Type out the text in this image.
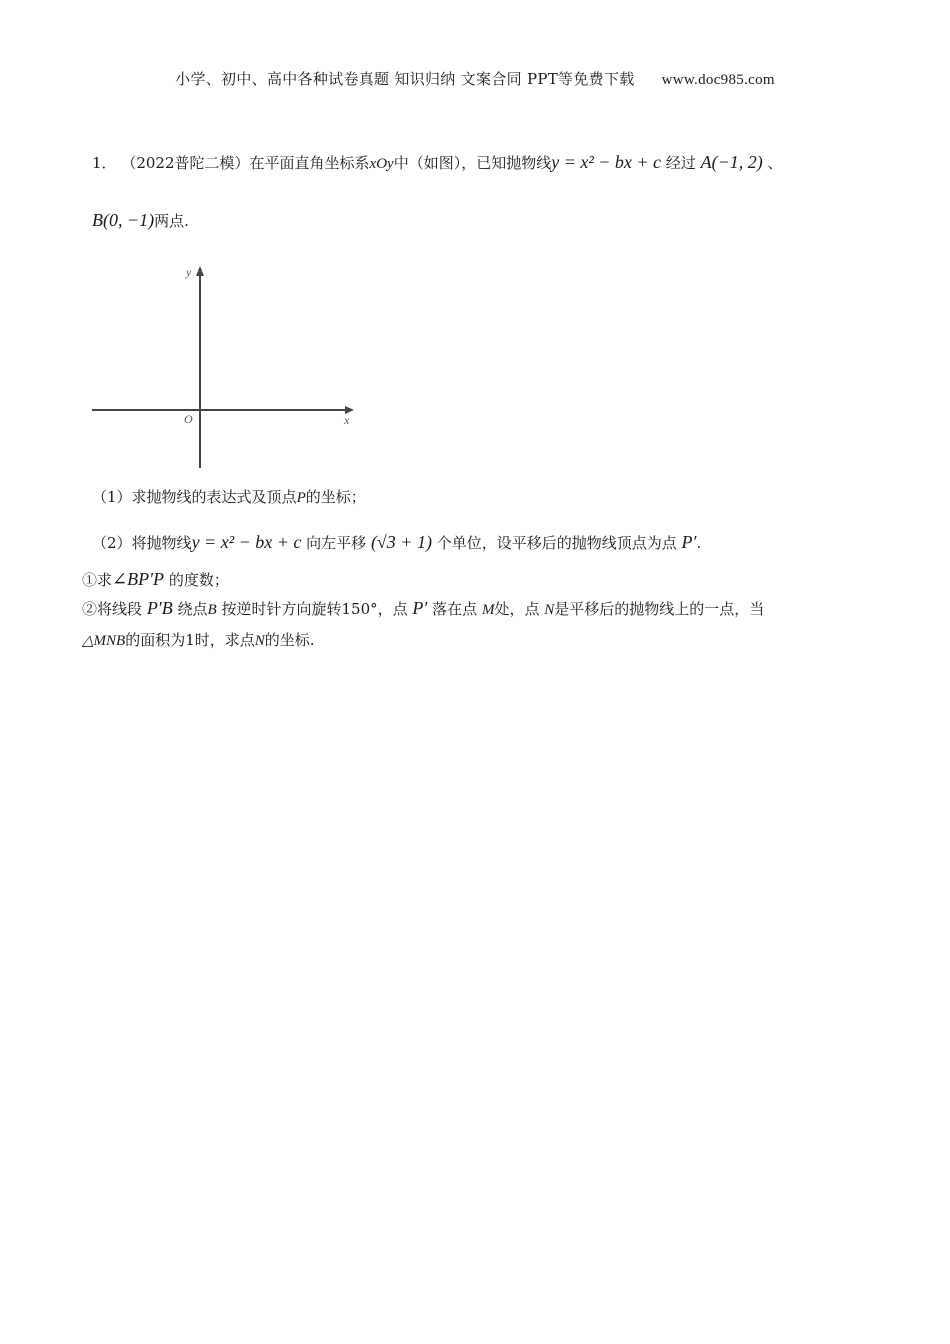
小学、初中、高中各种试卷真题 知识归纳 文案合同 PPT等免费下载 www.doc985.com
1． （2022普陀二模）在平面直角坐标系xOy中（如图），已知抛物线y = x² − bx + c 经过 A(−1, 2) 、
B(0, −1)两点.
y
x
O
（1）求抛物线的表达式及顶点P的坐标；
（2）将抛物线y = x² − bx + c 向左平移 (√3 + 1) 个单位，设平移后的抛物线顶点为点 P′.
①求∠BP′P 的度数；
②将线段 P′B 绕点B 按逆时针方向旋转150°，点 P′ 落在点 M处，点 N是平移后的抛物线上的一点，当
△MNB的面积为1时，求点N的坐标.
